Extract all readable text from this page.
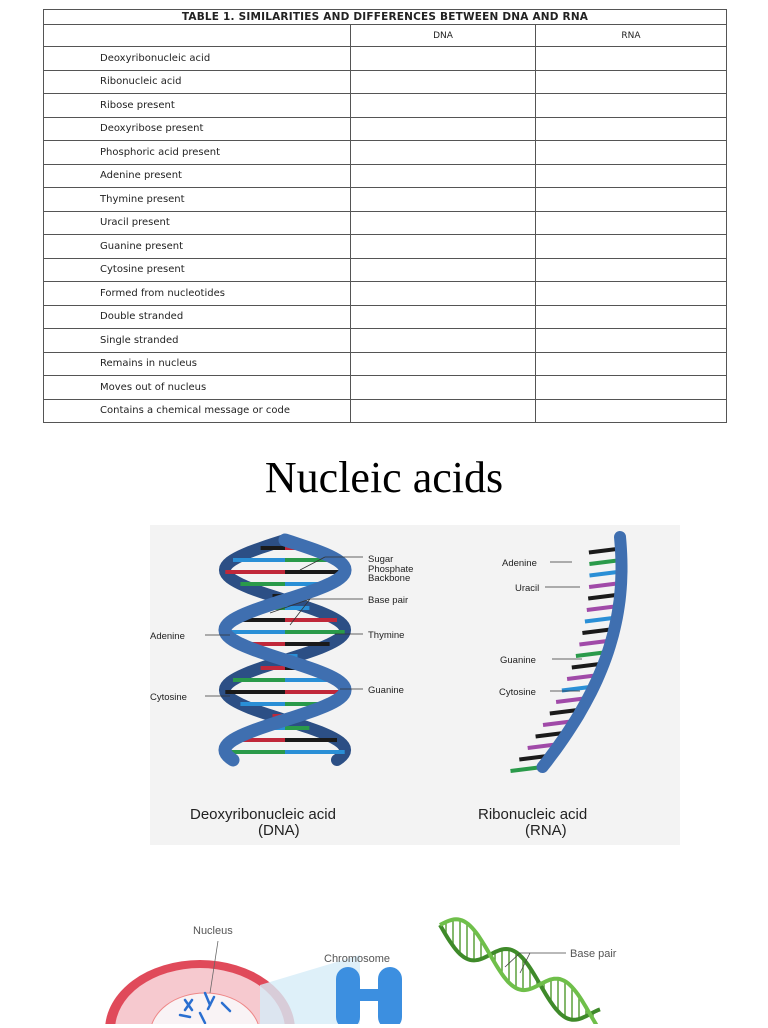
TABLE 1. SIMILARITIES AND DIFFERENCES BETWEEN DNA AND RNA		
	DNA	RNA
Deoxyribonucleic acid		
Ribonucleic acid		
Ribose present		
Deoxyribose present		
Phosphoric acid present		
Adenine present		
Thymine present		
Uracil present		
Guanine present		
Cytosine present		
Formed from nucleotides		
Double stranded		
Single stranded		
Remains in nucleus		
Moves out of nucleus		
Contains a chemical message or code		
Nucleic acids
Sugar
Phosphate
Backbone
Base pair
Thymine
Adenine
Guanine
Cytosine
Adenine
Uracil
Guanine
Cytosine
Deoxyribonucleic acid
(DNA)
Ribonucleic acid
(RNA)
Nucleus
Chromosome	Base pair
